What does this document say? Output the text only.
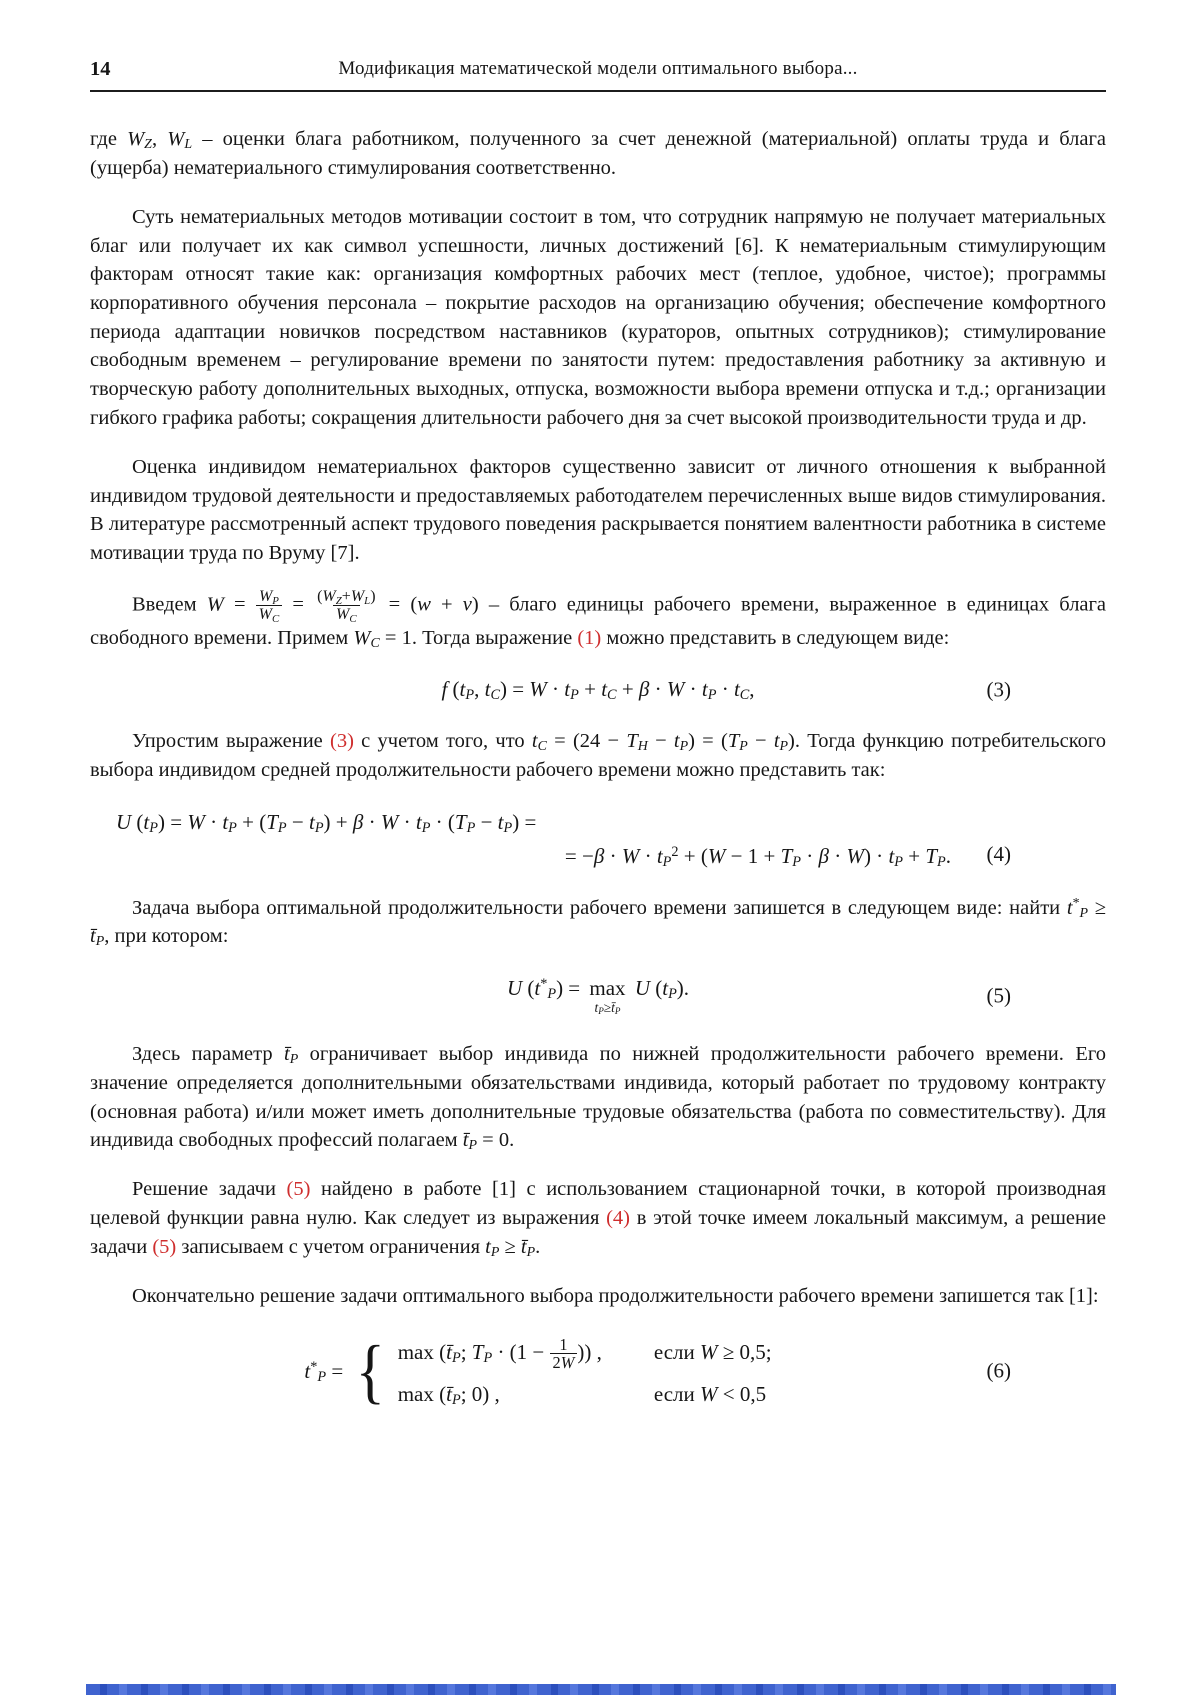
14	Модификация математической модели оптимального выбора...

где WZ, WL – оценки блага работником, полученного за счет денежной (материальной) оплаты труда и блага (ущерба) нематериального стимулирования соответственно.

Суть нематериальных методов мотивации состоит в том, что сотрудник напрямую не получает материальных благ или получает их как символ успешности, личных достижений [6]. К нематериальным стимулирующим факторам относят такие как: организация комфортных рабочих мест (теплое, удобное, чистое); программы корпоративного обучения персонала – покрытие расходов на организацию обучения; обеспечение комфортного периода адаптации новичков посредством наставников (кураторов, опытных сотрудников); стимулирование свободным временем – регулирование времени по занятости путем: предоставления работнику за активную и творческую работу дополнительных выходных, отпуска, возможности выбора времени отпуска и т.д.; организации гибкого графика работы; сокращения длительности рабочего дня за счет высокой производительности труда и др.

Оценка индивидом нематериальнох факторов существенно зависит от личного отношения к выбранной индивидом трудовой деятельности и предоставляемых работодателем перечисленных выше видов стимулирования. В литературе рассмотренный аспект трудового поведения раскрывается понятием валентности работника в системе мотивации труда по Вруму [7].

Введем $W = \frac{WP}{WC} = \frac{(WZ+WL)}{WC} = (w + v)$ – благо единицы рабочего времени, выраженное в единицах блага свободного времени. Примем WC = 1. Тогда выражение (1) можно представить в следующем виде:

f (tP, tC) = W · tP + tC + β · W · tP · tC,	(3)

Упростим выражение (3) с учетом того, что tC = (24 − TH − tP) = (TP − tP). Тогда функцию потребительского выбора индивидом средней продолжительности рабочего времени можно представить так:

U (tP) = W · tP + (TP − tP) + β · W · tP · (TP − tP) =
= $-\beta \cdot W \cdot tP^2 + (W - 1$ + TP · β · W) · tP + TP.	(4)

Задача выбора оптимальной продолжительности рабочего времени запишется в следующем виде: найти t*P ≥ t̄P, при котором:

U (t*P) = max
tP≥t̄P
U (tP).	(5)

Здесь параметр t̄P ограничивает выбор индивида по нижней продолжительности рабочего времени. Его значение определяется дополнительными обязательствами индивида, который работает по трудовому контракту (основная работа) и/или может иметь дополнительные трудовые обязательства (работа по совместительству). Для индивида свободных профессий полагаем t̄P = 0.

Решение задачи (5) найдено в работе [1] с использованием стационарной точки, в которой производная целевой функции равна нулю. Как следует из выражения (4) в этой точке имеем локальный максимум, а решение задачи (5) записываем с учетом ограничения tP ≥ t̄P.

Окончательно решение задачи оптимального выбора продолжительности рабочего времени запишется так [1]:

t*P = { max (t̄P; TP · ($1 - \frac{1}{2W}$ )) , если W ≥ 0,5;
max (t̄P; 0) ,	если W < 0,5
(6)
